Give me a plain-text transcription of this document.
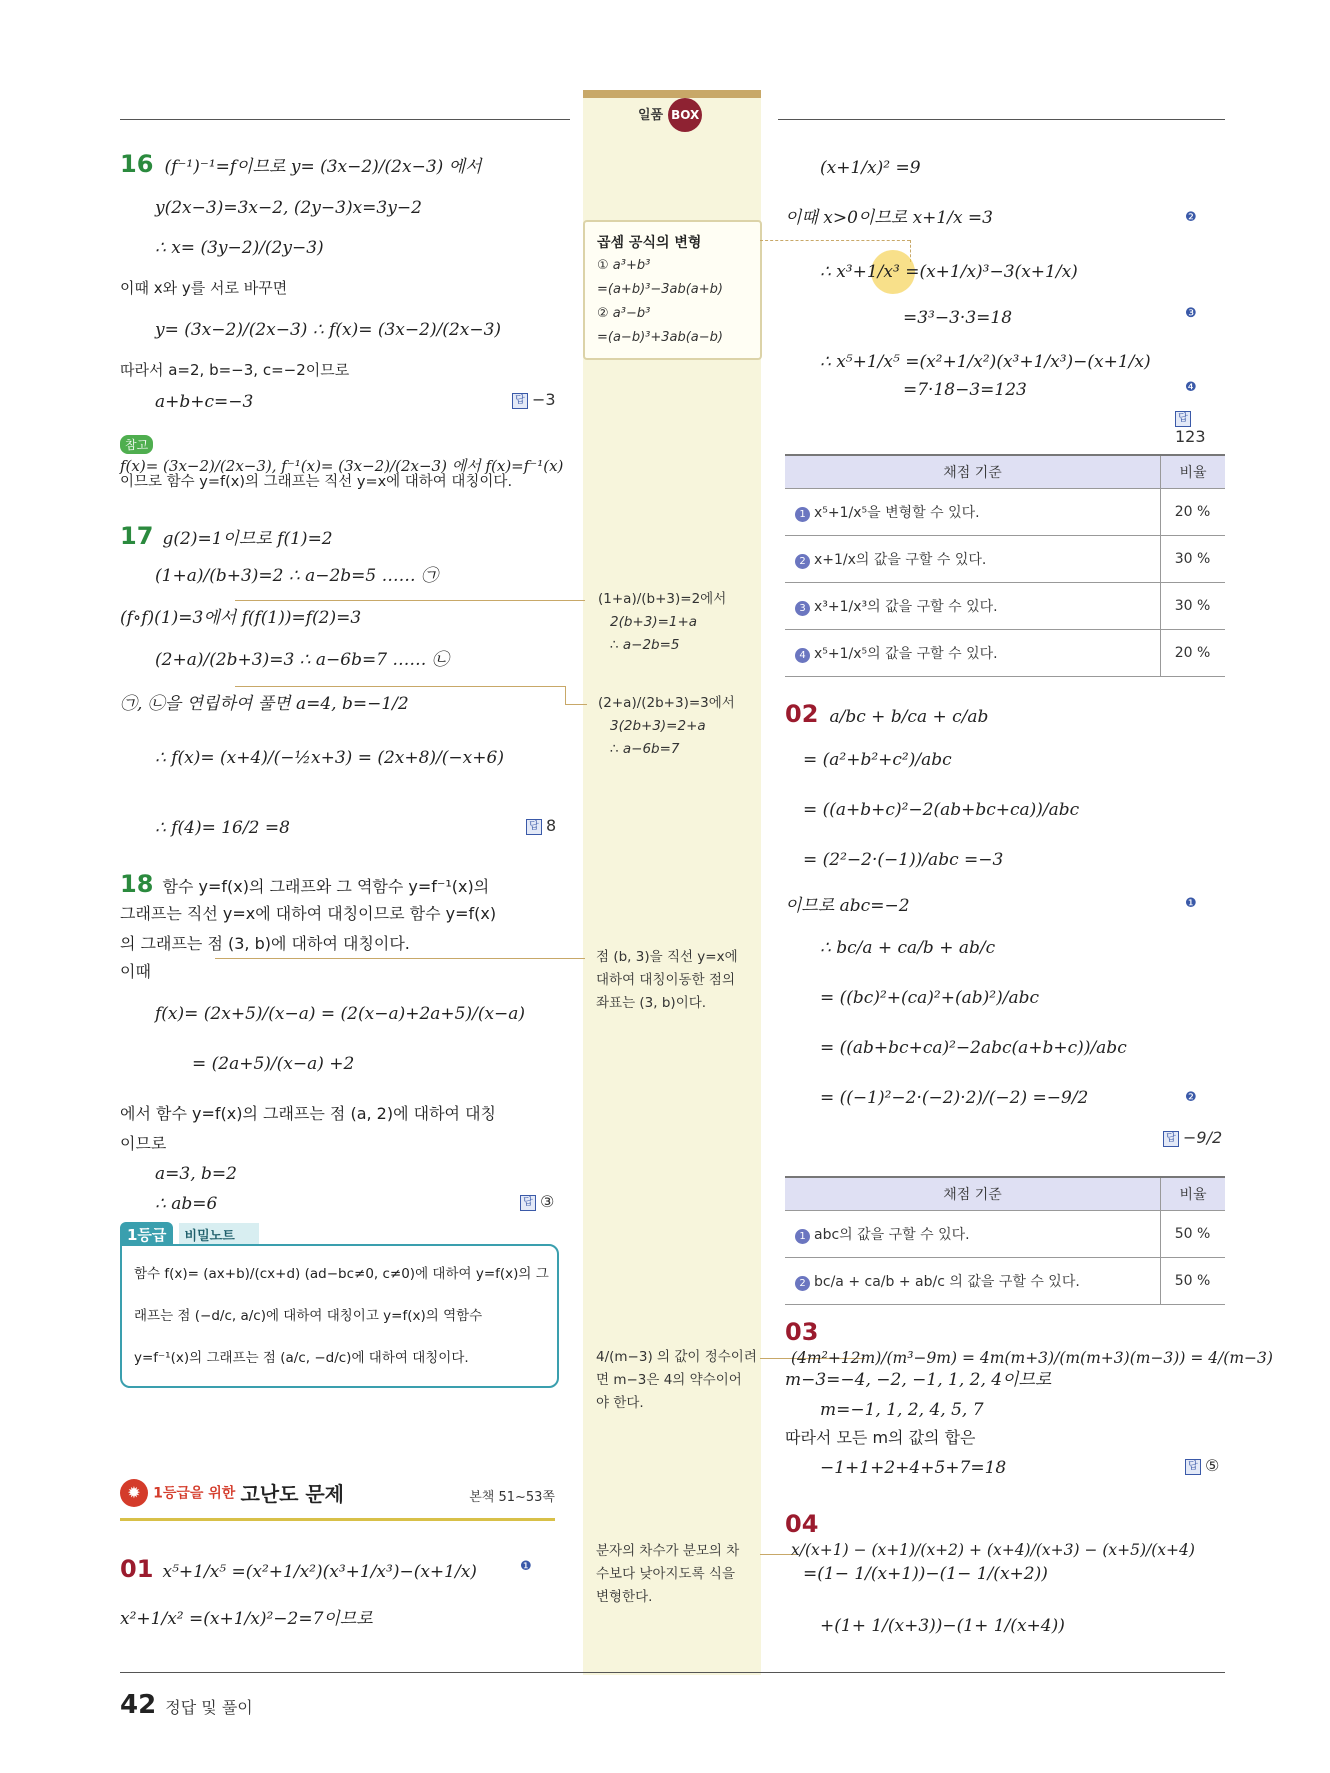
일품 BOX
42 정답 및 풀이
16 (f⁻¹)⁻¹=f이므로 y= (3x−2)/(2x−3) 에서
y(2x−3)=3x−2, (2y−3)x=3y−2
∴ x= (3y−2)/(2y−3)
이때 x와 y를 서로 바꾸면
y= (3x−2)/(2x−3) ∴ f(x)= (3x−2)/(2x−3)
따라서 a=2, b=−3, c=−2이므로
a+b+c=−3	답 −3
참고 f(x)= (3x−2)/(2x−3), f⁻¹(x)= (3x−2)/(2x−3) 에서 f(x)=f⁻¹(x)
이므로 함수 y=f(x)의 그래프는 직선 y=x에 대하여 대칭이다.
17 g(2)=1이므로 f(1)=2
(1+a)/(b+3)=2 ∴ a−2b=5 …… ㉠
(f∘f)(1)=3에서 f(f(1))=f(2)=3
(2+a)/(2b+3)=3 ∴ a−6b=7 …… ㉡
㉠, ㉡을 연립하여 풀면 a=4, b=−1/2
∴ f(x)= (x+4)/(−½x+3) = (2x+8)/(−x+6)
∴ f(4)= 16/2 =8	답 8
18 함수 y=f(x)의 그래프와 그 역함수 y=f⁻¹(x)의
그래프는 직선 y=x에 대하여 대칭이므로 함수 y=f(x)
의 그래프는 점 (3, b)에 대하여 대칭이다.
이때
f(x)= (2x+5)/(x−a) = (2(x−a)+2a+5)/(x−a)
= (2a+5)/(x−a) +2
에서 함수 y=f(x)의 그래프는 점 (a, 2)에 대하여 대칭
이므로
a=3, b=2
∴ ab=6	답 ③
1등급 비밀노트
함수 f(x)= (ax+b)/(cx+d) (ad−bc≠0, c≠0)에 대하여 y=f(x)의 그
래프는 점 (−d/c, a/c)에 대하여 대칭이고 y=f(x)의 역함수
y=f⁻¹(x)의 그래프는 점 (a/c, −d/c)에 대하여 대칭이다.
✹ 1등급을 위한 고난도 문제	본책 51~53쪽
01 x⁵+1/x⁵ =(x²+1/x²)(x³+1/x³)−(x+1/x)	❶
x²+1/x² =(x+1/x)²−2=7이므로
곱셈 공식의 변형
① a³+b³
=(a+b)³−3ab(a+b)
② a³−b³
=(a−b)³+3ab(a−b)
(1+a)/(b+3)=2에서
2(b+3)=1+a
∴ a−2b=5
(2+a)/(2b+3)=3에서
3(2b+3)=2+a
∴ a−6b=7
점 (b, 3)을 직선 y=x에
대하여 대칭이동한 점의
좌표는 (3, b)이다.
4/(m−3) 의 값이 정수이려
면 m−3은 4의 약수이어
야 한다.
분자의 차수가 분모의 차
수보다 낮아지도록 식을
변형한다.
(x+1/x)² =9
이때 x>0이므로 x+1/x =3	❷
∴ x³+1/x³ =(x+1/x)³−3(x+1/x)
=3³−3·3=18	❸
∴ x⁵+1/x⁵ =(x²+1/x²)(x³+1/x³)−(x+1/x)
=7·18−3=123	❹
답123
채점 기준	비율
1 x⁵+1/x⁵을 변형할 수 있다.	20 %
2 x+1/x의 값을 구할 수 있다.	30 %
3 x³+1/x³의 값을 구할 수 있다.	30 %
4 x⁵+1/x⁵의 값을 구할 수 있다.	20 %
02 a/bc + b/ca + c/ab
= (a²+b²+c²)/abc
= ((a+b+c)²−2(ab+bc+ca))/abc
= (2²−2·(−1))/abc =−3
이므로 abc=−2	❶
∴ bc/a + ca/b + ab/c
= ((bc)²+(ca)²+(ab)²)/abc
= ((ab+bc+ca)²−2abc(a+b+c))/abc
= ((−1)²−2·(−2)·2)/(−2) =−9/2	❷
답 −9/2
채점 기준	비율
1 abc의 값을 구할 수 있다.	50 %
2 bc/a + ca/b + ab/c 의 값을 구할 수 있다.	50 %
03 (4m²+12m)/(m³−9m) = 4m(m+3)/(m(m+3)(m−3)) = 4/(m−3)
m−3=−4, −2, −1, 1, 2, 4이므로
m=−1, 1, 2, 4, 5, 7
따라서 모든 m의 값의 합은
−1+1+2+4+5+7=18	답 ⑤
04 x/(x+1) − (x+1)/(x+2) + (x+4)/(x+3) − (x+5)/(x+4)
=(1− 1/(x+1))−(1− 1/(x+2))
+(1+ 1/(x+3))−(1+ 1/(x+4))
